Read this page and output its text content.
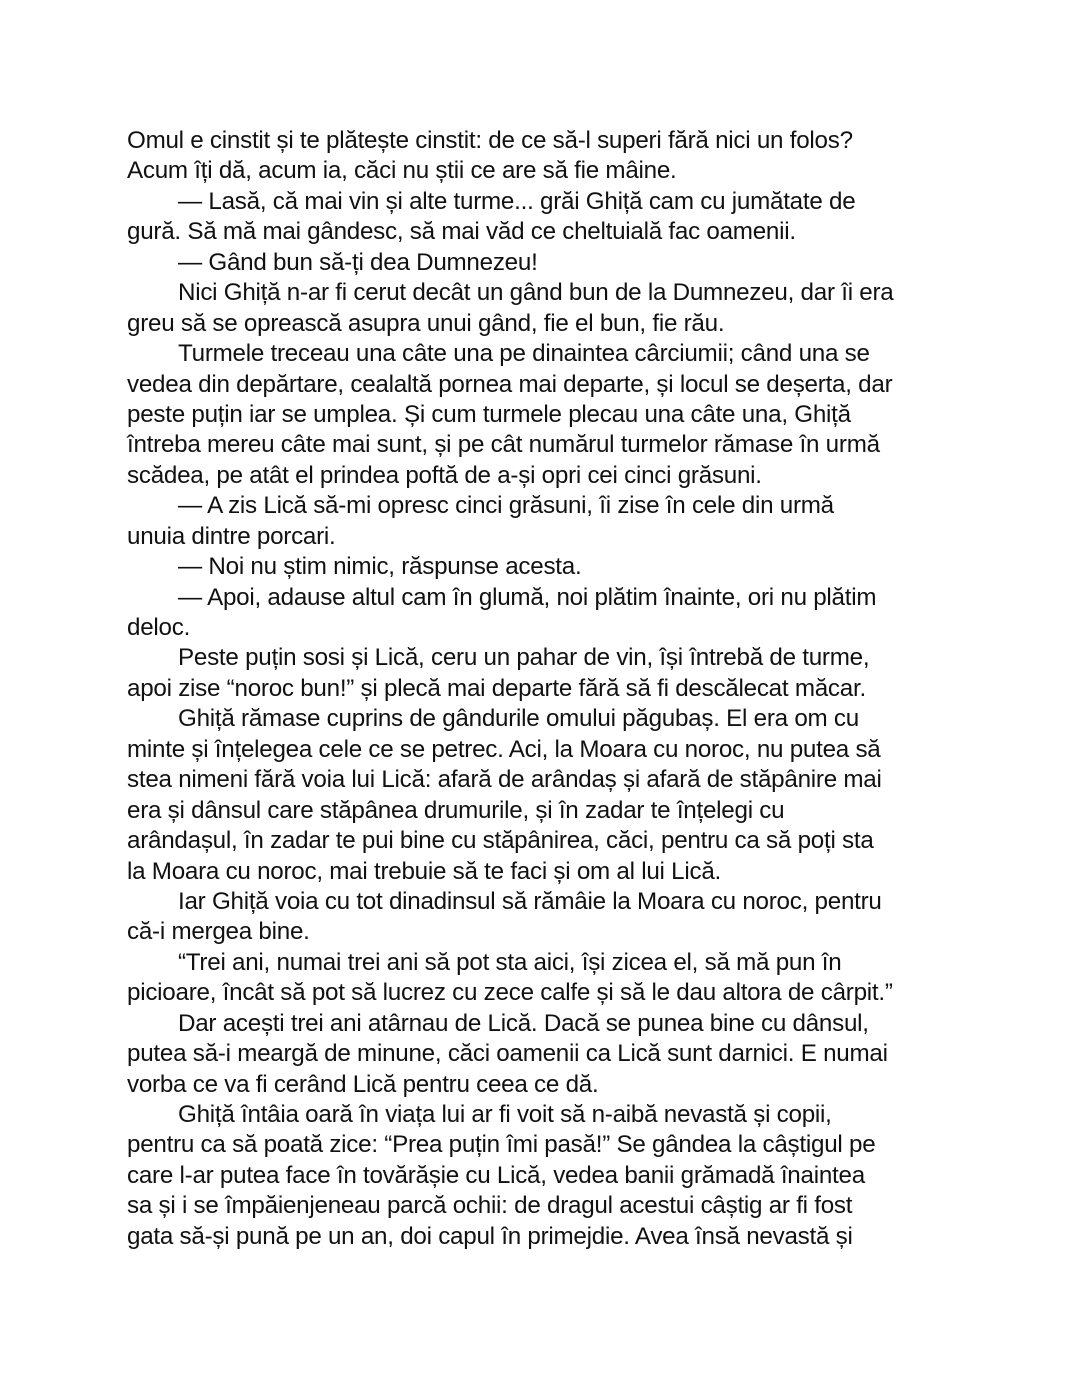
Omul e cinstit și te plătește cinstit: de ce să-l superi fără nici un folos?
Acum îți dă, acum ia, căci nu știi ce are să fie mâine.
— Lasă, că mai vin și alte turme... grăi Ghiță cam cu jumătate de
gură. Să mă mai gândesc, să mai văd ce cheltuială fac oamenii.
— Gând bun să-ți dea Dumnezeu!
Nici Ghiță n-ar fi cerut decât un gând bun de la Dumnezeu, dar îi era
greu să se oprească asupra unui gând, fie el bun, fie rău.
Turmele treceau una câte una pe dinaintea cârciumii; când una se
vedea din depărtare, cealaltă pornea mai departe, și locul se deșerta, dar
peste puțin iar se umplea. Și cum turmele plecau una câte una, Ghiță
întreba mereu câte mai sunt, și pe cât numărul turmelor rămase în urmă
scădea, pe atât el prindea poftă de a-și opri cei cinci grăsuni.
— A zis Lică să-mi opresc cinci grăsuni, îi zise în cele din urmă
unuia dintre porcari.
— Noi nu știm nimic, răspunse acesta.
— Apoi, adause altul cam în glumă, noi plătim înainte, ori nu plătim
deloc.
Peste puțin sosi și Lică, ceru un pahar de vin, își întrebă de turme,
apoi zise “noroc bun!” și plecă mai departe fără să fi descălecat măcar.
Ghiță rămase cuprins de gândurile omului păgubaș. El era om cu
minte și înțelegea cele ce se petrec. Aci, la Moara cu noroc, nu putea să
stea nimeni fără voia lui Lică: afară de arândaș și afară de stăpânire mai
era și dânsul care stăpânea drumurile, și în zadar te înțelegi cu
arândașul, în zadar te pui bine cu stăpânirea, căci, pentru ca să poți sta
la Moara cu noroc, mai trebuie să te faci și om al lui Lică.
Iar Ghiță voia cu tot dinadinsul să rămâie la Moara cu noroc, pentru
că-i mergea bine.
“Trei ani, numai trei ani să pot sta aici, își zicea el, să mă pun în
picioare, încât să pot să lucrez cu zece calfe și să le dau altora de cârpit.”
Dar acești trei ani atârnau de Lică. Dacă se punea bine cu dânsul,
putea să-i meargă de minune, căci oamenii ca Lică sunt darnici. E numai
vorba ce va fi cerând Lică pentru ceea ce dă.
Ghiță întâia oară în viața lui ar fi voit să n-aibă nevastă și copii,
pentru ca să poată zice: “Prea puțin îmi pasă!” Se gândea la câștigul pe
care l-ar putea face în tovărășie cu Lică, vedea banii grămadă înaintea
sa și i se împăienjeneau parcă ochii: de dragul acestui câștig ar fi fost
gata să-și pună pe un an, doi capul în primejdie. Avea însă nevastă și
